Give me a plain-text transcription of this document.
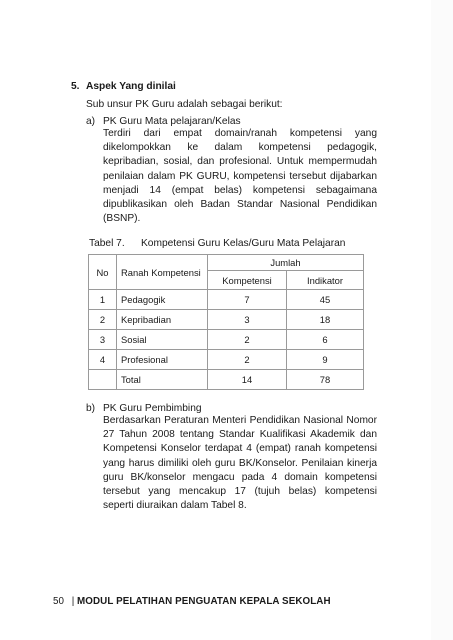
5. Aspek Yang dinilai
Sub unsur PK Guru adalah sebagai berikut:
a) PK Guru Mata pelajaran/Kelas
Terdiri dari empat domain/ranah kompetensi yang
dikelompokkan ke dalam kompetensi pedagogik,
kepribadian, sosial, dan profesional. Untuk mempermudah
penilaian dalam PK GURU, kompetensi tersebut dijabarkan
menjadi 14 (empat belas) kompetensi sebagaimana
dipublikasikan oleh Badan Standar Nasional Pendidikan
(BSNP).
Tabel 7. Kompetensi Guru Kelas/Guru Mata Pelajaran
No	Ranah Kompetensi	Jumlah	
		Kompetensi	Indikator
1	Pedagogik	7	45
2	Kepribadian	3	18
3	Sosial	2	6
4	Profesional	2	9
	Total	14	78
b) PK Guru Pembimbing
Berdasarkan Peraturan Menteri Pendidikan Nasional Nomor
27 Tahun 2008 tentang Standar Kualifikasi Akademik dan
Kompetensi Konselor terdapat 4 (empat) ranah kompetensi
yang harus dimiliki oleh guru BK/Konselor. Penilaian kinerja
guru BK/konselor mengacu pada 4 domain kompetensi
tersebut yang mencakup 17 (tujuh belas) kompetensi
seperti diuraikan dalam Tabel 8.
50 | MODUL PELATIHAN PENGUATAN KEPALA SEKOLAH
